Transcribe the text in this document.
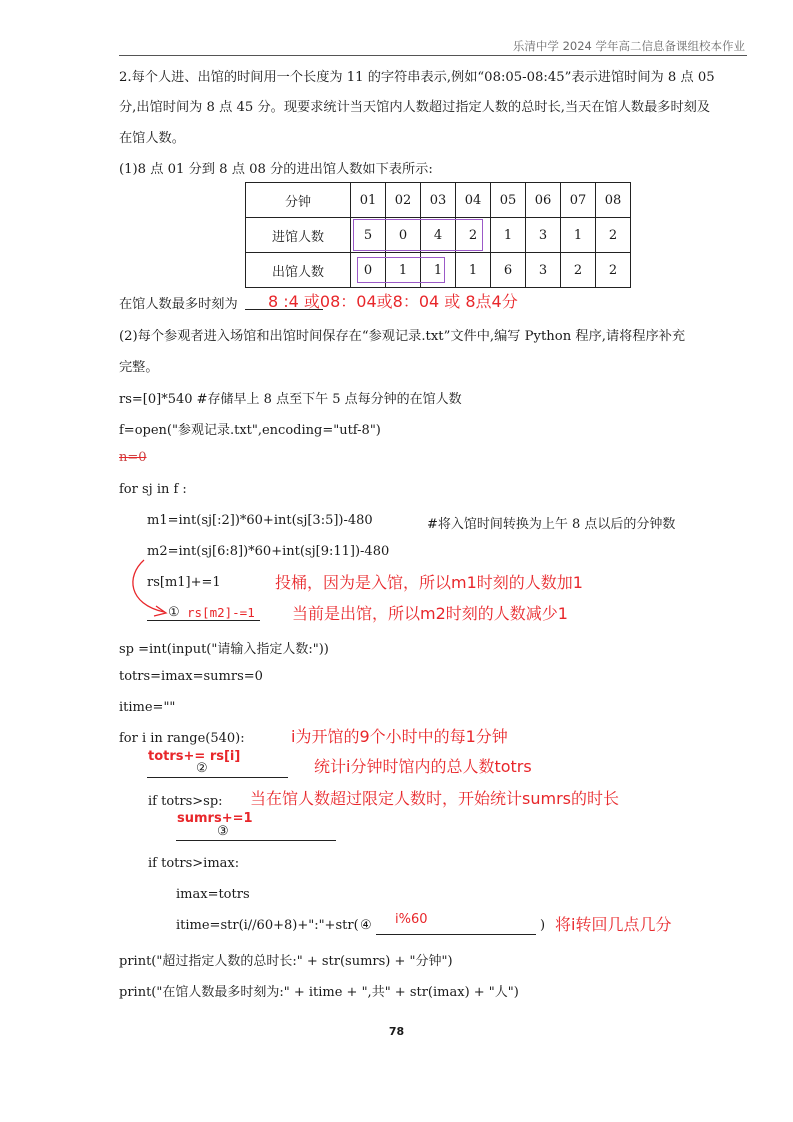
乐清中学 2024 学年高二信息备课组校本作业
2.每个人进、出馆的时间用一个长度为 11 的字符串表示,例如“08:05-08:45”表示进馆时间为 8 点 05
分,出馆时间为 8 点 45 分。现要求统计当天馆内人数超过指定人数的总时长,当天在馆人数最多时刻及
在馆人数。
(1)8 点 01 分到 8 点 08 分的进出馆人数如下表所示:
分钟	01	02	03	04	05	06	07	08
进馆人数	5	0	4	2	1	3	1	2
出馆人数	0	1	1	1	6	3	2	2
在馆人数最多时刻为 8 :4 或08：04或8：04 或 8点4分
(2)每个参观者进入场馆和出馆时间保存在“参观记录.txt”文件中,编写 Python 程序,请将程序补充
完整。
rs=[0]*540 #存储早上 8 点至下午 5 点每分钟的在馆人数
f=open("参观记录.txt",encoding="utf-8")
n=0
for sj in f :
m1=int(sj[:2])*60+int(sj[3:5])-480	#将入馆时间转换为上午 8 点以后的分钟数
m2=int(sj[6:8])*60+int(sj[9:11])-480
rs[m1]+=1	投桶，因为是入馆，所以m1时刻的人数加1
① rs[m2]-=1 当前是出馆，所以m2时刻的人数减少1
sp =int(input("请输入指定人数:"))
totrs=imax=sumrs=0
itime=""
for i in range(540):	i为开馆的9个小时中的每1分钟
totrs+= rs[i]
②	统计i分钟时馆内的总人数totrs
if totrs>sp: 当在馆人数超过限定人数时，开始统计sumrs的时长
sumrs+=1
③
if totrs>imax:
imax=totrs
itime=str(i//60+8)+":"+str( ④ i%60	) 将i转回几点几分
print("超过指定人数的总时长:" + str(sumrs) + "分钟")
print("在馆人数最多时刻为:" + itime + ",共" + str(imax) + "人")
78
